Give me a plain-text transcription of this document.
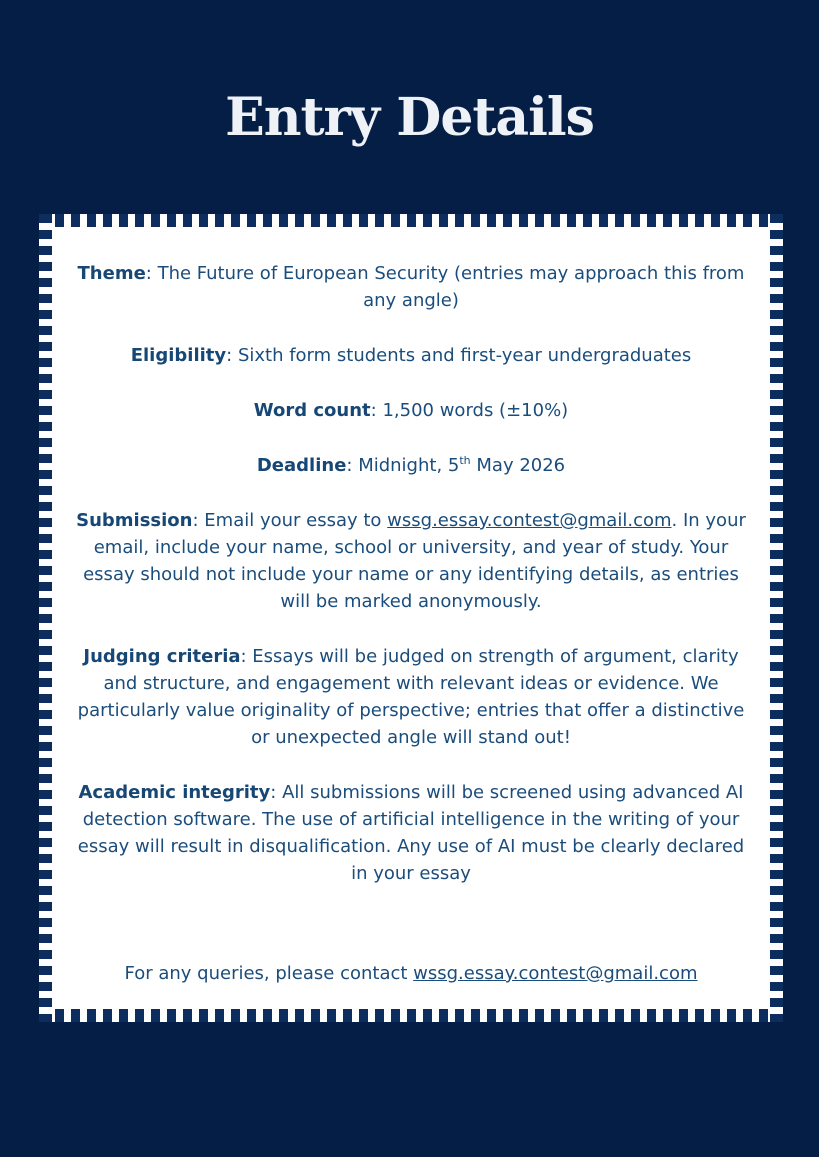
Entry Details

Theme: The Future of European Security (entries may approach this from any angle)

Eligibility: Sixth form students and first-year undergraduates

Word count: 1,500 words (±10%)

Deadline: Midnight, 5th May 2026

Submission: Email your essay to wssg.essay.contest@gmail.com. In your email, include your name, school or university, and year of study. Your essay should not include your name or any identifying details, as entries will be marked anonymously.

Judging criteria: Essays will be judged on strength of argument, clarity and structure, and engagement with relevant ideas or evidence. We particularly value originality of perspective; entries that offer a distinctive or unexpected angle will stand out!

Academic integrity: All submissions will be screened using advanced AI detection software. The use of artificial intelligence in the writing of your essay will result in disqualification. Any use of AI must be clearly declared in your essay

For any queries, please contact wssg.essay.contest@gmail.com
